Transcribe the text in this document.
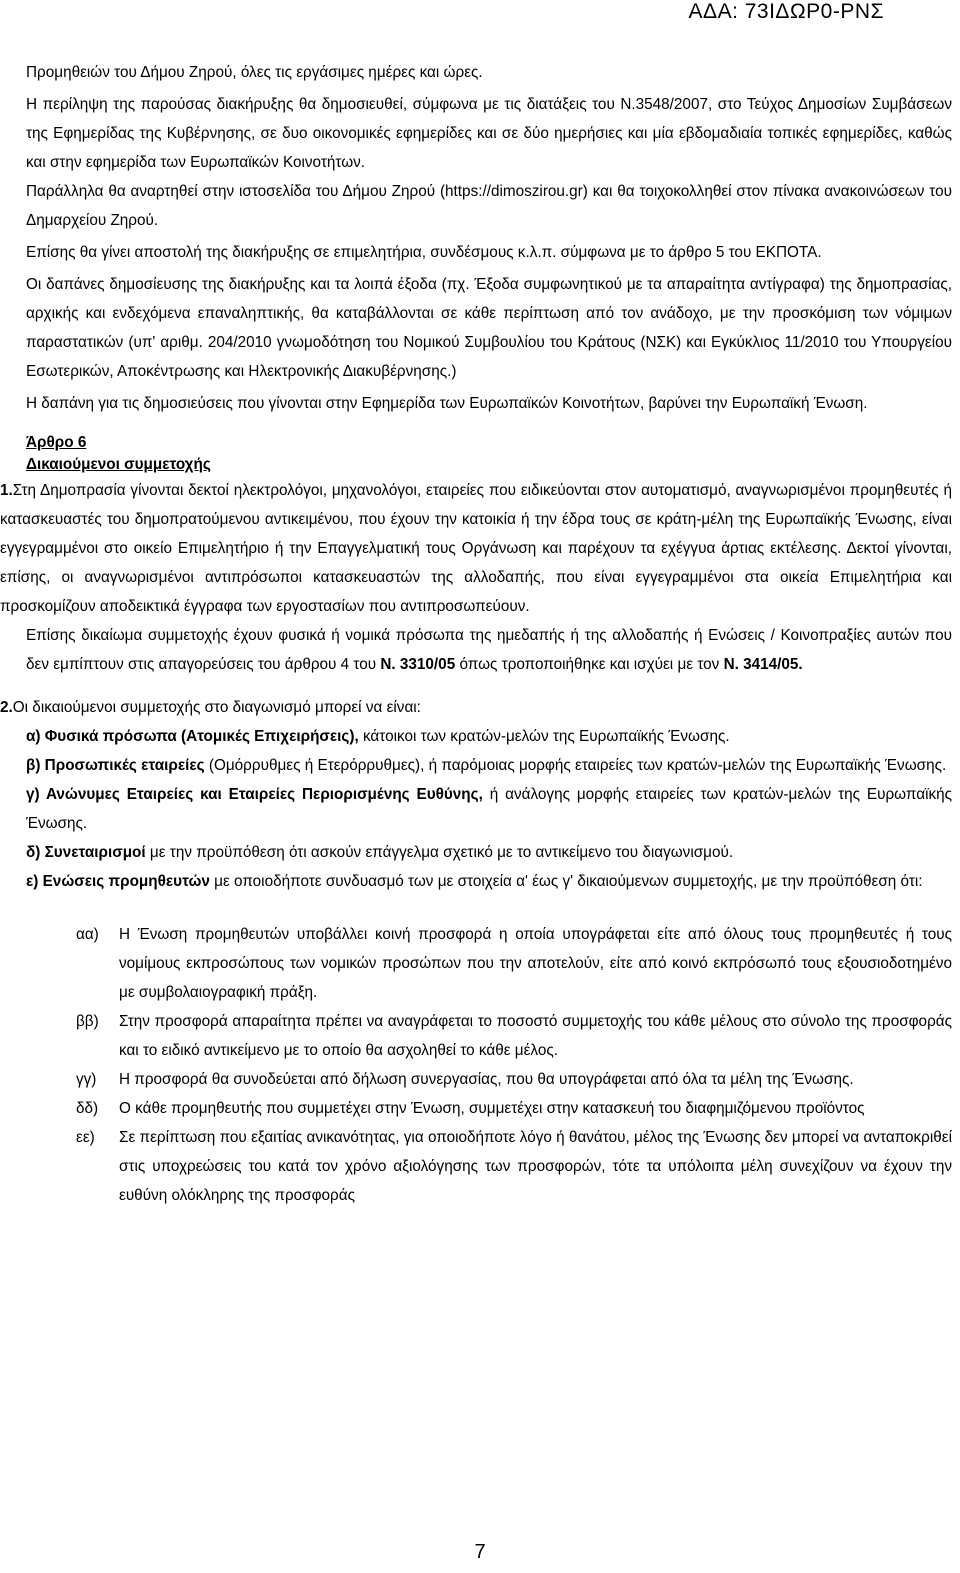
ΑΔΑ: 73ΙΔΩΡ0-ΡΝΣ

Προμηθειών του Δήμου Ζηρού, όλες τις εργάσιμες ημέρες και ώρες.

Η περίληψη της παρούσας διακήρυξης θα δημοσιευθεί, σύμφωνα με τις διατάξεις του Ν.3548/2007, στο Τεύχος Δημοσίων Συμβάσεων της Εφημερίδας της Κυβέρνησης, σε δυο οικονομικές εφημερίδες και σε δύο ημερήσιες και μία εβδομαδιαία τοπικές εφημερίδες, καθώς και στην εφημερίδα των Ευρωπαϊκών Κοινοτήτων.

Παράλληλα θα αναρτηθεί στην ιστοσελίδα του Δήμου Ζηρού (https://dimoszirou.gr) και θα τοιχοκολληθεί στον πίνακα ανακοινώσεων του Δημαρχείου Ζηρού.

Επίσης θα γίνει αποστολή της διακήρυξης σε επιμελητήρια, συνδέσμους κ.λ.π. σύμφωνα με το άρθρο 5 του ΕΚΠΟΤΑ.

Οι δαπάνες δημοσίευσης της διακήρυξης και τα λοιπά έξοδα (πχ. Έξοδα συμφωνητικού με τα απαραίτητα αντίγραφα) της δημοπρασίας, αρχικής και ενδεχόμενα επαναληπτικής, θα καταβάλλονται σε κάθε περίπτωση από τον ανάδοχο, με την προσκόμιση των νόμιμων παραστατικών (υπ' αριθμ. 204/2010 γνωμοδότηση του Νομικού Συμβουλίου του Κράτους (ΝΣΚ) και Εγκύκλιος 11/2010 του Υπουργείου Εσωτερικών, Αποκέντρωσης και Ηλεκτρονικής Διακυβέρνησης.)

Η δαπάνη για τις δημοσιεύσεις που γίνονται στην Εφημερίδα των Ευρωπαϊκών Κοινοτήτων, βαρύνει την Ευρωπαϊκή Ένωση.

Άρθρο 6

Δικαιούμενοι συμμετοχής

1.Στη Δημοπρασία γίνονται δεκτοί ηλεκτρολόγοι, μηχανολόγοι, εταιρείες που ειδικεύονται στον αυτοματισμό, αναγνωρισμένοι προμηθευτές ή κατασκευαστές του δημοπρατούμενου αντικειμένου, που έχουν την κατοικία ή την έδρα τους σε κράτη-μέλη της Ευρωπαϊκής Ένωσης, είναι εγγεγραμμένοι στο οικείο Επιμελητήριο ή την Επαγγελματική τους Οργάνωση και παρέχουν τα εχέγγυα άρτιας εκτέλεσης. Δεκτοί γίνονται, επίσης, οι αναγνωρισμένοι αντιπρόσωποι κατασκευαστών της αλλοδαπής, που είναι εγγεγραμμένοι στα οικεία Επιμελητήρια και προσκομίζουν αποδεικτικά έγγραφα των εργοστασίων που αντιπροσωπεύουν.

Επίσης δικαίωμα συμμετοχής έχουν φυσικά ή νομικά πρόσωπα της ημεδαπής ή της αλλοδαπής ή Ενώσεις / Κοινοπραξίες αυτών που δεν εμπίπτουν στις απαγορεύσεις του άρθρου 4 του Ν. 3310/05 όπως τροποποιήθηκε και ισχύει με τον Ν. 3414/05.

2.Οι δικαιούμενοι συμμετοχής στο διαγωνισμό μπορεί να είναι:

α) Φυσικά πρόσωπα (Ατομικές Επιχειρήσεις), κάτοικοι των κρατών-μελών της Ευρωπαϊκής Ένωσης.

β) Προσωπικές εταιρείες (Ομόρρυθμες ή Ετερόρρυθμες), ή παρόμοιας μορφής εταιρείες των κρατών-μελών της Ευρωπαϊκής Ένωσης.

γ) Ανώνυμες Εταιρείες και Εταιρείες Περιορισμένης Ευθύνης, ή ανάλογης μορφής εταιρείες των κρατών-μελών της Ευρωπαϊκής Ένωσης.

δ) Συνεταιρισμοί με την προϋπόθεση ότι ασκούν επάγγελμα σχετικό με το αντικείμενο του διαγωνισμού.

ε) Ενώσεις προμηθευτών με οποιοδήποτε συνδυασμό των με στοιχεία α' έως γ' δικαιούμενων συμμετοχής, με την προϋπόθεση ότι:

αα) Η Ένωση προμηθευτών υποβάλλει κοινή προσφορά η οποία υπογράφεται είτε από όλους τους προμηθευτές ή τους νομίμους εκπροσώπους των νομικών προσώπων που την αποτελούν, είτε από κοινό εκπρόσωπό τους εξουσιοδοτημένο με συμβολαιογραφική πράξη.
ββ) Στην προσφορά απαραίτητα πρέπει να αναγράφεται το ποσοστό συμμετοχής του κάθε μέλους στο σύνολο της προσφοράς και το ειδικό αντικείμενο με το οποίο θα ασχοληθεί το κάθε μέλος.
γγ) Η προσφορά θα συνοδεύεται από δήλωση συνεργασίας, που θα υπογράφεται από όλα τα μέλη της Ένωσης.
δδ) Ο κάθε προμηθευτής που συμμετέχει στην Ένωση, συμμετέχει στην κατασκευή του διαφημιζόμενου προϊόντος
εε) Σε περίπτωση που εξαιτίας ανικανότητας, για οποιοδήποτε λόγο ή θανάτου, μέλος της Ένωσης δεν μπορεί να ανταποκριθεί στις υποχρεώσεις του κατά τον χρόνο αξιολόγησης των προσφορών, τότε τα υπόλοιπα μέλη συνεχίζουν να έχουν την ευθύνη ολόκληρης της προσφοράς
7
